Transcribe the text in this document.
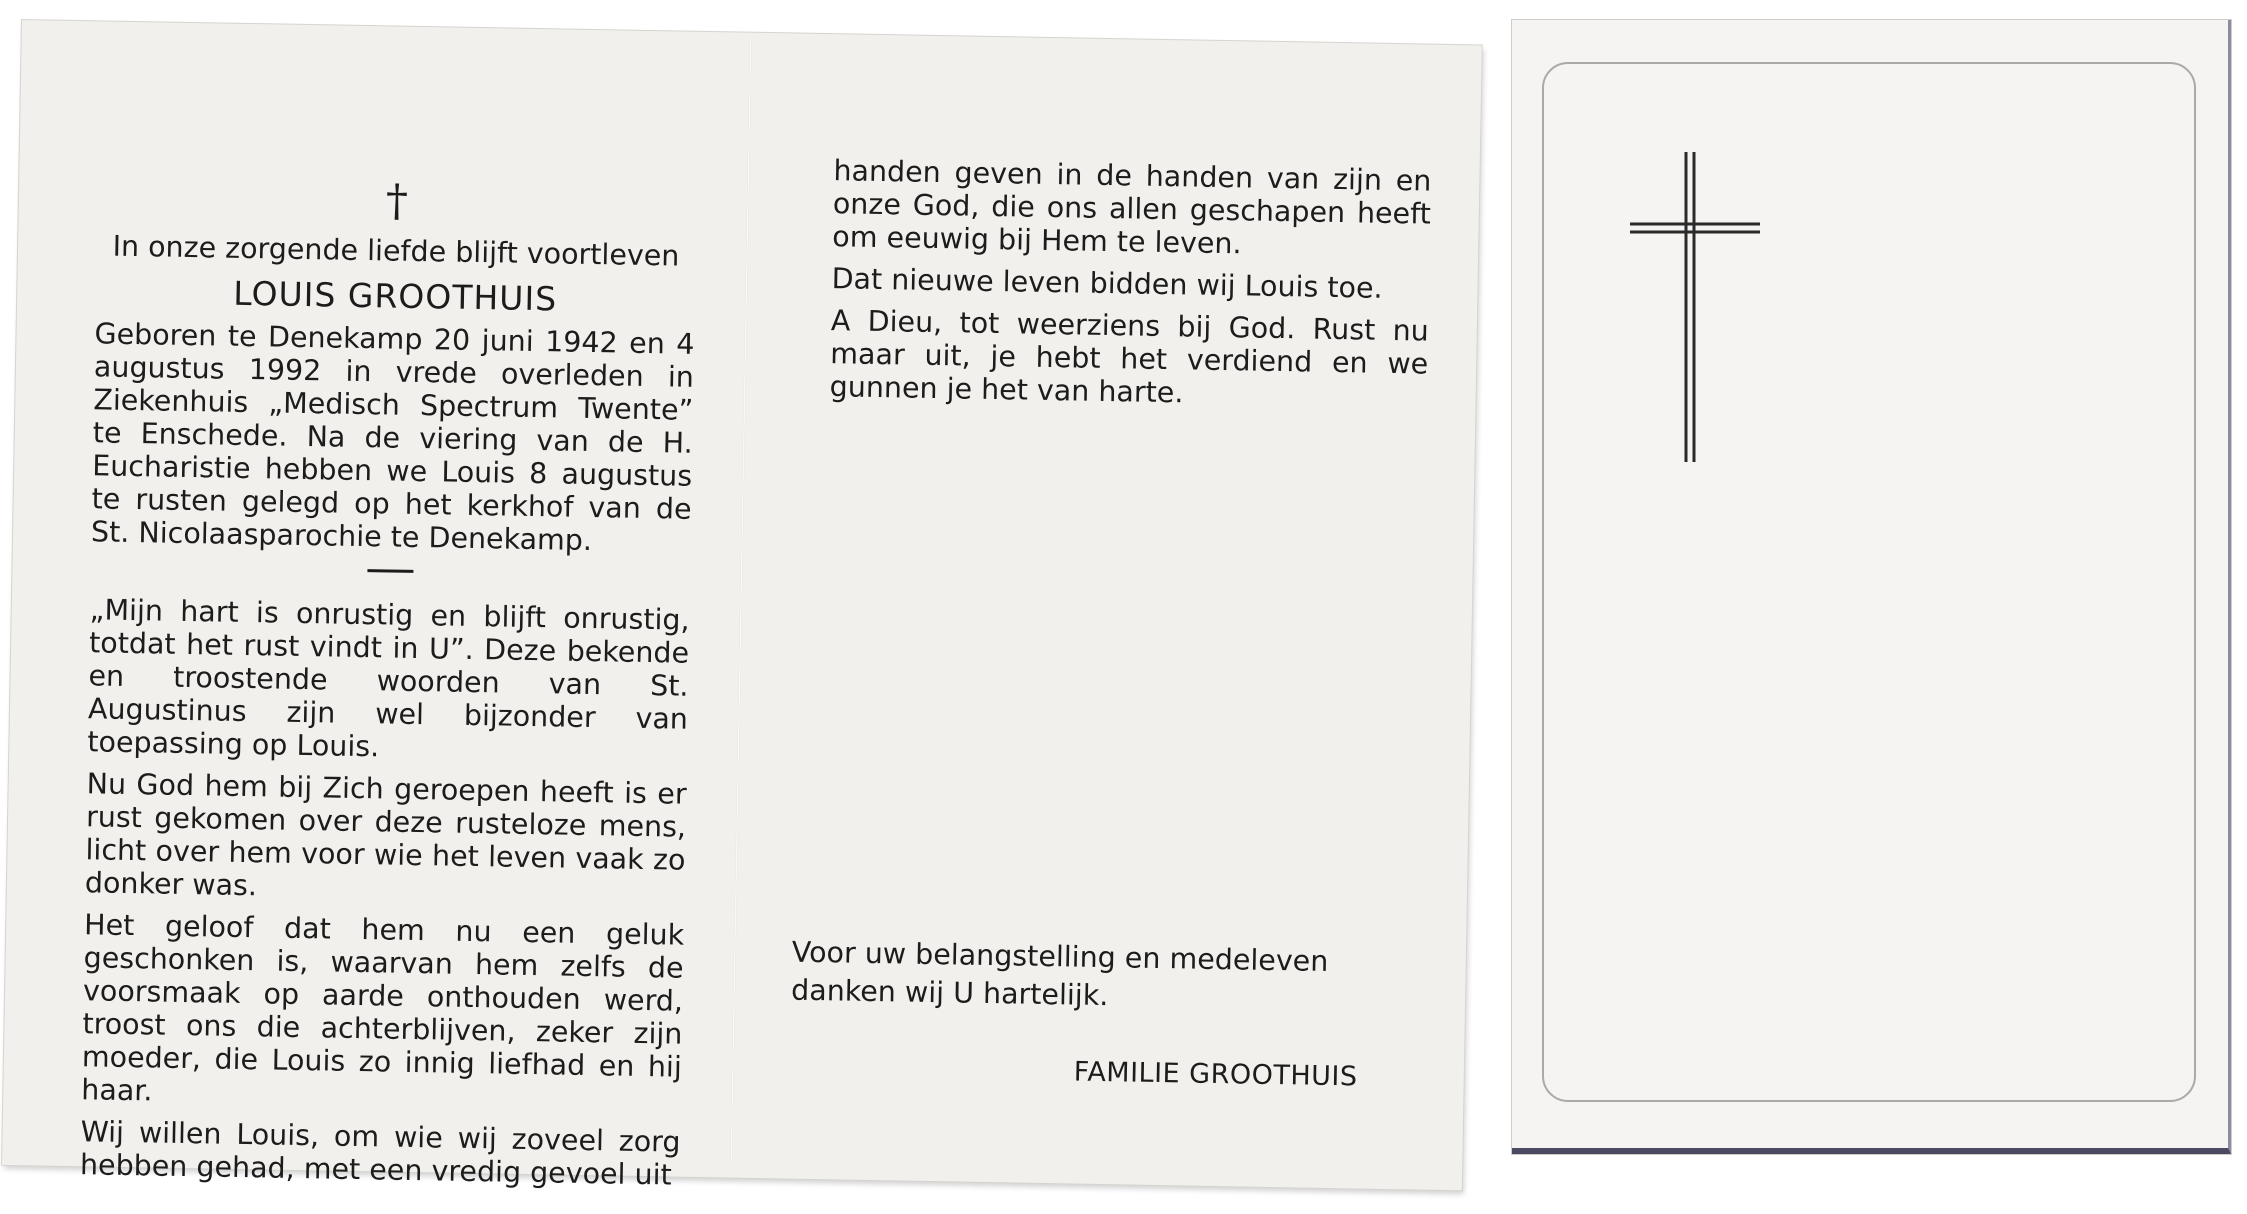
†

In onze zorgende liefde blijft voortleven

LOUIS GROOTHUIS

Geboren te Denekamp 20 juni 1942 en 4 augustus 1992 in vrede overleden in Ziekenhuis „Medisch Spectrum Twente” te Enschede. Na de viering van de H. Eucharistie hebben we Louis 8 augustus te rusten gelegd op het kerkhof van de St. Nicolaasparochie te Denekamp.

„Mijn hart is onrustig en blijft onrustig, totdat het rust vindt in U”. Deze bekende en troostende woorden van St. Augustinus zijn wel bijzonder van toepassing op Louis.

Nu God hem bij Zich geroepen heeft is er rust gekomen over deze rusteloze mens, licht over hem voor wie het leven vaak zo donker was.

Het geloof dat hem nu een geluk geschonken is, waarvan hem zelfs de voorsmaak op aarde onthouden werd, troost ons die achterblijven, zeker zijn moeder, die Louis zo innig liefhad en hij haar.

Wij willen Louis, om wie wij zoveel zorg hebben gehad, met een vredig gevoel uit

handen geven in de handen van zijn en onze God, die ons allen geschapen heeft om eeuwig bij Hem te leven.

Dat nieuwe leven bidden wij Louis toe.

A Dieu, tot weerziens bij God. Rust nu maar uit, je hebt het verdiend en we gunnen je het van harte.

Voor uw belangstelling en medeleven danken wij U hartelijk.
FAMILIE GROOTHUIS
